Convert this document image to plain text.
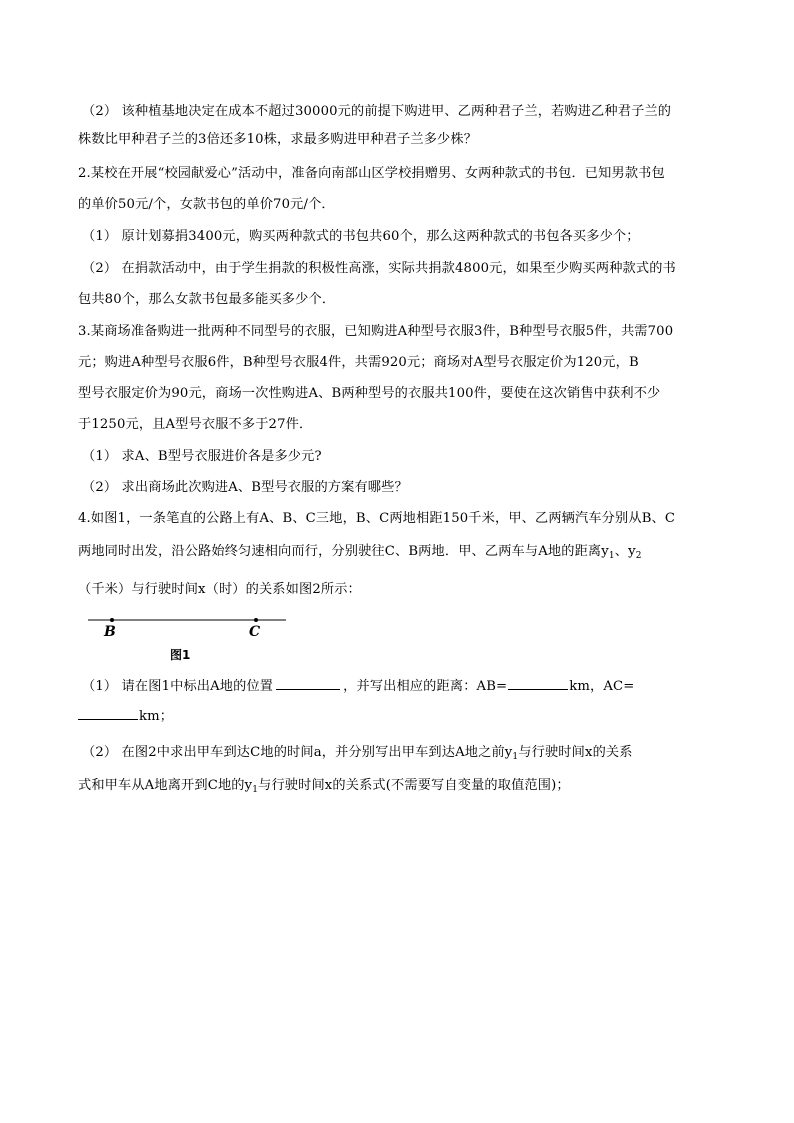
（2） 该种植基地决定在成本不超过30000元的前提下购进甲、乙两种君子兰，若购进乙种君子兰的
株数比甲种君子兰的3倍还多10株，求最多购进甲种君子兰多少株？
2.某校在开展“校园献爱心”活动中，准备向南部山区学校捐赠男、女两种款式的书包．已知男款书包
的单价50元/个，女款书包的单价70元/个．
（1） 原计划募捐3400元，购买两种款式的书包共60个，那么这两种款式的书包各买多少个；
（2） 在捐款活动中，由于学生捐款的积极性高涨，实际共捐款4800元，如果至少购买两种款式的书
包共80个，那么女款书包最多能买多少个．
3.某商场准备购进一批两种不同型号的衣服，已知购进A种型号衣服3件，B种型号衣服5件，共需700
元；购进A种型号衣服6件，B种型号衣服4件，共需920元；商场对A型号衣服定价为120元，B
型号衣服定价为90元，商场一次性购进A、B两种型号的衣服共100件，要使在这次销售中获利不少
于1250元，且A型号衣服不多于27件．
（1） 求A、B型号衣服进价各是多少元?
（2） 求出商场此次购进A、B型号衣服的方案有哪些？
4.如图1，一条笔直的公路上有A、B、C三地，B、C两地相距150千米，甲、乙两辆汽车分别从B、C
两地同时出发，沿公路始终匀速相向而行，分别驶往C、B两地．甲、乙两车与A地的距离$y_1$、$y_2$
（千米）与行驶时间x（时）的关系如图2所示：
B	C
图1
（1） 请在图1中标出A地的位置	，并写出相应的距离：AB=	km，AC=
km；
（2） 在图2中求出甲车到达C地的时间a，并分别写出甲车到达A地之前$y_1$与行驶时间x的关系
式和甲车从A地离开到C地的$y_1$与行驶时间x的关系式(不需要写自变量的取值范围)；
